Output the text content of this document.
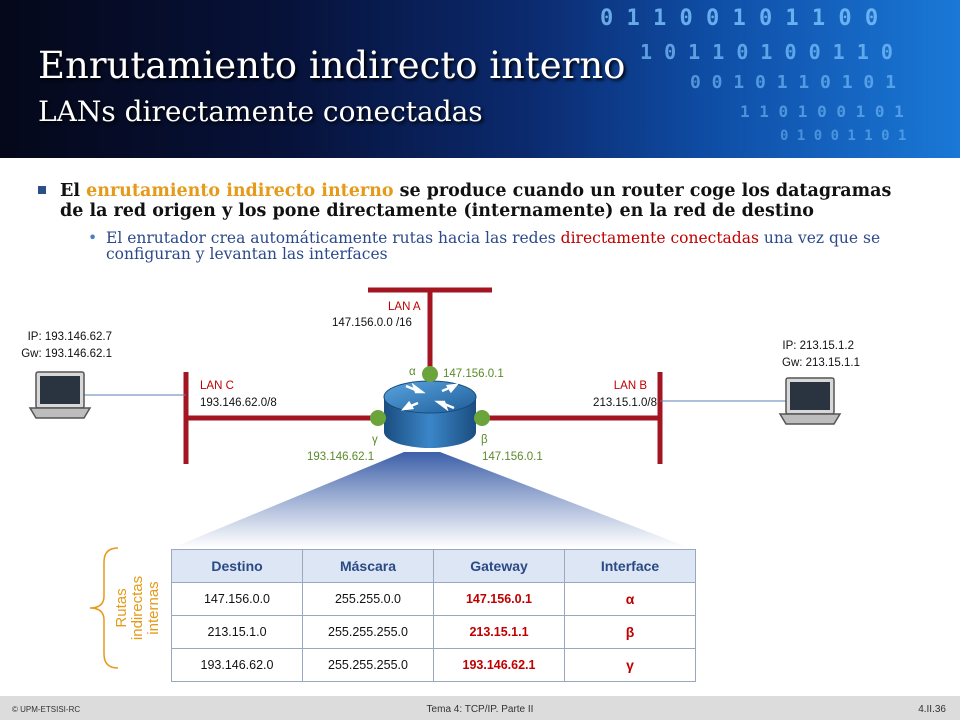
0 1 1 0 0 1 0 1 1 0 0
1 0 1 1 0 1 0 0 1 1 0
0 0 1 0 1 1 0 1 0 1
1 1 0 1 0 0 1 0 1
0 1 0 0 1 1 0 1
Enrutamiento indirecto interno
LANs directamente conectadas
El enrutamiento indirecto interno se produce cuando un router coge los datagramas de la red origen y los pone directamente (internamente) en la red de destino
• El enrutador crea automáticamente rutas hacia las redes directamente conectadas una vez que se configuran y levantan las interfaces
IP: 193.146.62.7
Gw: 193.146.62.1
IP: 213.15.1.2
Gw: 213.15.1.1
LAN A
147.156.0.0 /16
LAN C
193.146.62.0/8
LAN B
213.15.1.0/8
α 147.156.0.1
γ
193.146.62.1
β
147.156.0.1
Rutas indirectas internas
Destino	Máscara	Gateway	Interface
147.156.0.0	255.255.0.0	147.156.0.1	α
213.15.1.0	255.255.255.0	213.15.1.1	β
193.146.62.0	255.255.255.0	193.146.62.1	γ
© UPM-ETSISI-RC	Tema 4: TCP/IP. Parte II	4.II.36
